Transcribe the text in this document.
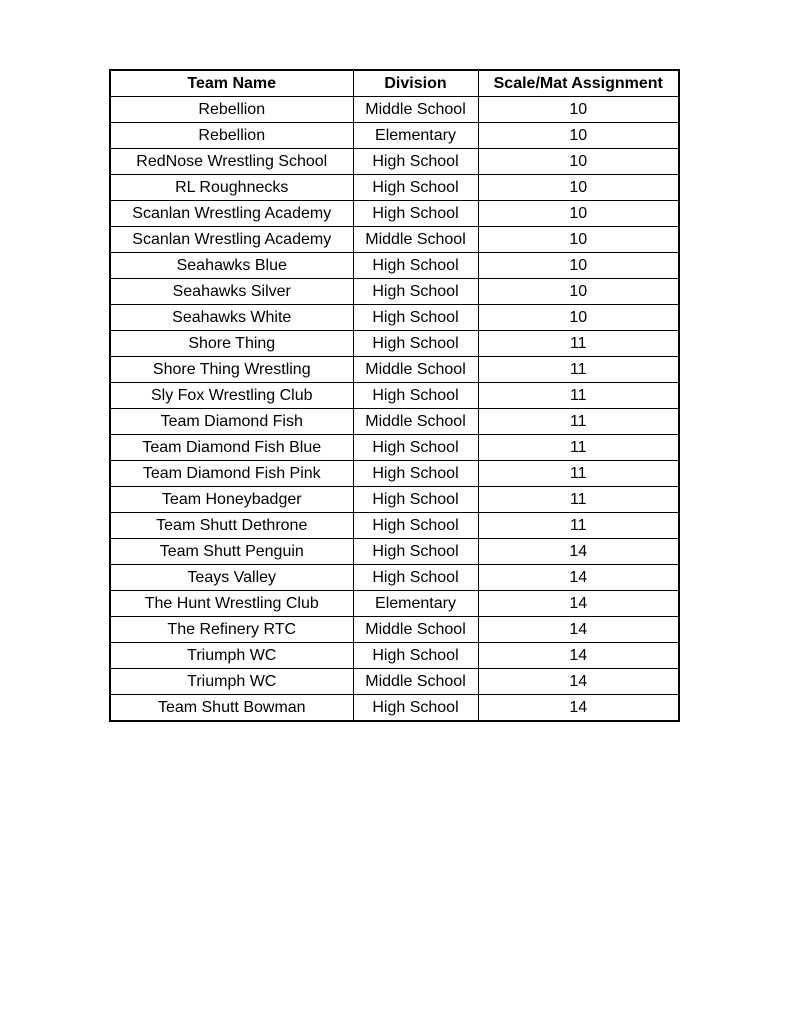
Team Name	Division	Scale/Mat Assignment
Rebellion	Middle School	10
Rebellion	Elementary	10
RedNose Wrestling School	High School	10
RL Roughnecks	High School	10
Scanlan Wrestling Academy	High School	10
Scanlan Wrestling Academy	Middle School	10
Seahawks Blue	High School	10
Seahawks Silver	High School	10
Seahawks White	High School	10
Shore Thing	High School	11
Shore Thing Wrestling	Middle School	11
Sly Fox Wrestling Club	High School	11
Team Diamond Fish	Middle School	11
Team Diamond Fish Blue	High School	11
Team Diamond Fish Pink	High School	11
Team Honeybadger	High School	11
Team Shutt Dethrone	High School	11
Team Shutt Penguin	High School	14
Teays Valley	High School	14
The Hunt Wrestling Club	Elementary	14
The Refinery RTC	Middle School	14
Triumph WC	High School	14
Triumph WC	Middle School	14
Team Shutt Bowman	High School	14
